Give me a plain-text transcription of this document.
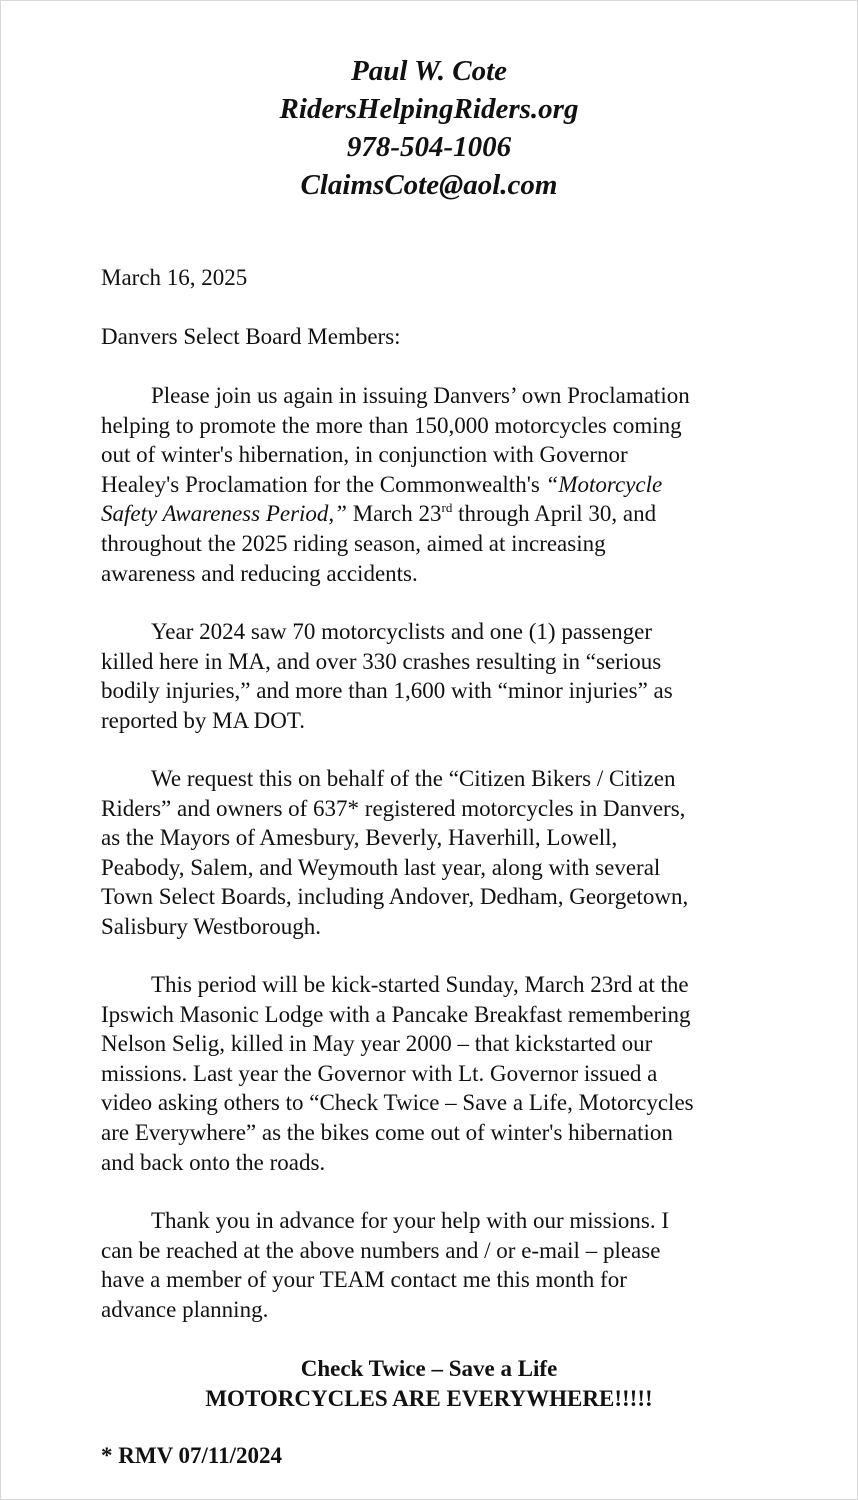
Paul W. Cote
RidersHelpingRiders.org
978-504-1006
ClaimsCote@aol.com
March 16, 2025
Danvers Select Board Members:
Please join us again in issuing Danvers’ own Proclamation
helping to promote the more than 150,000 motorcycles coming
out of winter's hibernation, in conjunction with Governor
Healey's Proclamation for the Commonwealth's “Motorcycle
Safety Awareness Period,” March 23rd through April 30, and
throughout the 2025 riding season, aimed at increasing
awareness and reducing accidents.
Year 2024 saw 70 motorcyclists and one (1) passenger
killed here in MA, and over 330 crashes resulting in “serious
bodily injuries,” and more than 1,600 with “minor injuries” as
reported by MA DOT.
We request this on behalf of the “Citizen Bikers / Citizen
Riders” and owners of 637* registered motorcycles in Danvers,
as the Mayors of Amesbury, Beverly, Haverhill, Lowell,
Peabody, Salem, and Weymouth last year, along with several
Town Select Boards, including Andover, Dedham, Georgetown,
Salisbury Westborough.
This period will be kick-started Sunday, March 23rd at the
Ipswich Masonic Lodge with a Pancake Breakfast remembering
Nelson Selig, killed in May year 2000 – that kickstarted our
missions. Last year the Governor with Lt. Governor issued a
video asking others to “Check Twice – Save a Life, Motorcycles
are Everywhere” as the bikes come out of winter's hibernation
and back onto the roads.
Thank you in advance for your help with our missions. I
can be reached at the above numbers and / or e-mail – please
have a member of your TEAM contact me this month for
advance planning.
Check Twice – Save a Life
MOTORCYCLES ARE EVERYWHERE!!!!!
* RMV 07/11/2024
